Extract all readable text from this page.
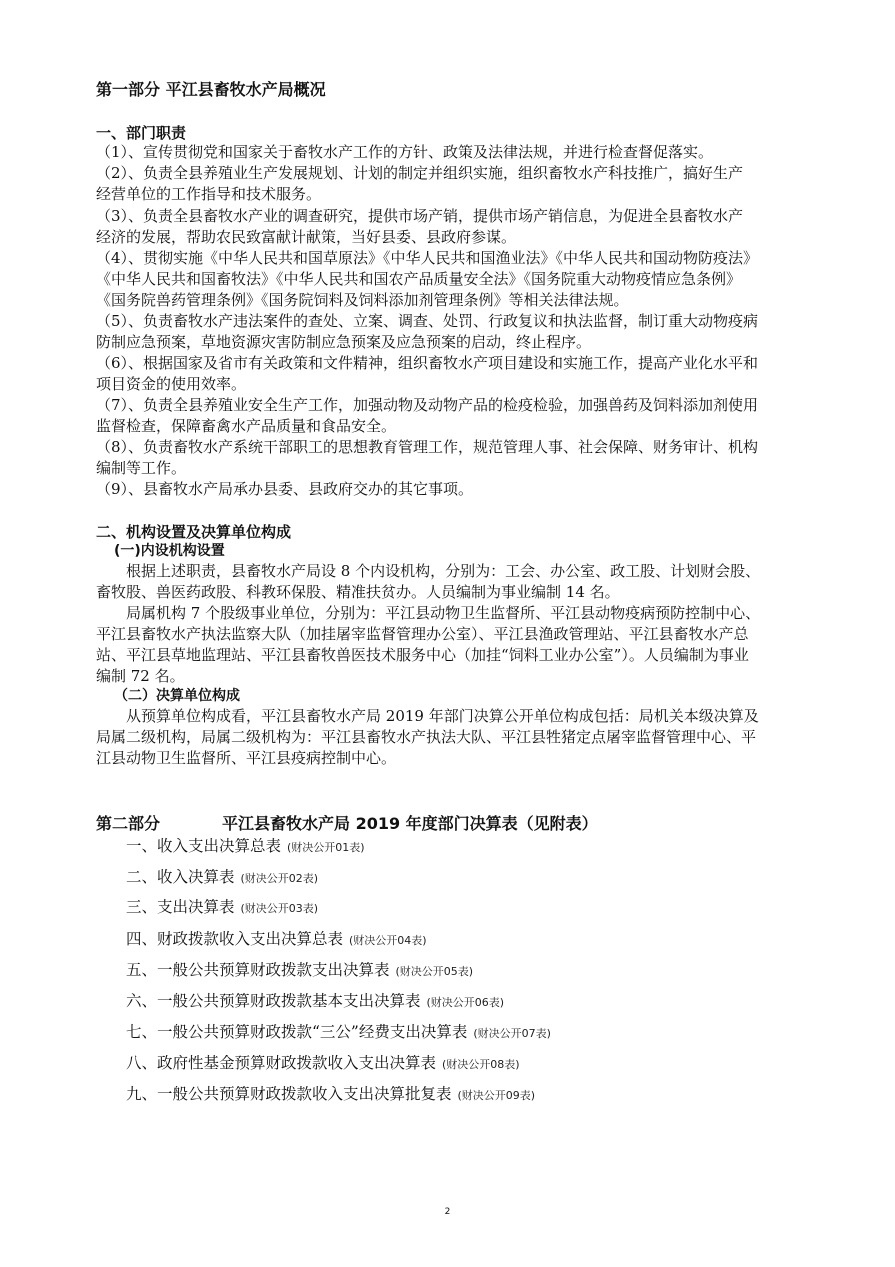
第一部分 平江县畜牧水产局概况
一、部门职责
（1）、宣传贯彻党和国家关于畜牧水产工作的方针、政策及法律法规，并进行检查督促落实。
（2）、负责全县养殖业生产发展规划、计划的制定并组织实施，组织畜牧水产科技推广，搞好生产
经营单位的工作指导和技术服务。
（3）、负责全县畜牧水产业的调查研究，提供市场产销，提供市场产销信息，为促进全县畜牧水产
经济的发展，帮助农民致富献计献策，当好县委、县政府参谋。
（4）、贯彻实施《中华人民共和国草原法》《中华人民共和国渔业法》《中华人民共和国动物防疫法》
《中华人民共和国畜牧法》《中华人民共和国农产品质量安全法》《国务院重大动物疫情应急条例》
《国务院兽药管理条例》《国务院饲料及饲料添加剂管理条例》等相关法律法规。
（5）、负责畜牧水产违法案件的查处、立案、调查、处罚、行政复议和执法监督，制订重大动物疫病
防制应急预案，草地资源灾害防制应急预案及应急预案的启动，终止程序。
（6）、根据国家及省市有关政策和文件精神，组织畜牧水产项目建设和实施工作，提高产业化水平和
项目资金的使用效率。
（7）、负责全县养殖业安全生产工作，加强动物及动物产品的检疫检验，加强兽药及饲料添加剂使用
监督检查，保障畜禽水产品质量和食品安全。
（8）、负责畜牧水产系统干部职工的思想教育管理工作，规范管理人事、社会保障、财务审计、机构
编制等工作。
（9）、县畜牧水产局承办县委、县政府交办的其它事项。
二、机构设置及决算单位构成
(一)内设机构设置
根据上述职责，县畜牧水产局设 8 个内设机构，分别为：工会、办公室、政工股、计划财会股、
畜牧股、兽医药政股、科教环保股、精准扶贫办。人员编制为事业编制 14 名。
局属机构 7 个股级事业单位，分别为：平江县动物卫生监督所、平江县动物疫病预防控制中心、
平江县畜牧水产执法监察大队（加挂屠宰监督管理办公室）、平江县渔政管理站、平江县畜牧水产总
站、平江县草地监理站、平江县畜牧兽医技术服务中心（加挂“饲料工业办公室”）。人员编制为事业
编制 72 名。
（二）决算单位构成
从预算单位构成看，平江县畜牧水产局 2019 年部门决算公开单位构成包括：局机关本级决算及
局属二级机构，局属二级机构为：平江县畜牧水产执法大队、平江县牲猪定点屠宰监督管理中心、平
江县动物卫生监督所、平江县疫病控制中心。
第二部分	平江县畜牧水产局 2019 年度部门决算表（见附表）
一、收入支出决算总表 (财决公开01表)
二、收入决算表 (财决公开02表)
三、支出决算表 (财决公开03表)
四、财政拨款收入支出决算总表 (财决公开04表)
五、一般公共预算财政拨款支出决算表 (财决公开05表)
六、一般公共预算财政拨款基本支出决算表 (财决公开06表)
七、一般公共预算财政拨款“三公”经费支出决算表 (财决公开07表)
八、政府性基金预算财政拨款收入支出决算表 (财决公开08表)
九、一般公共预算财政拨款收入支出决算批复表 (财决公开09表)
2
